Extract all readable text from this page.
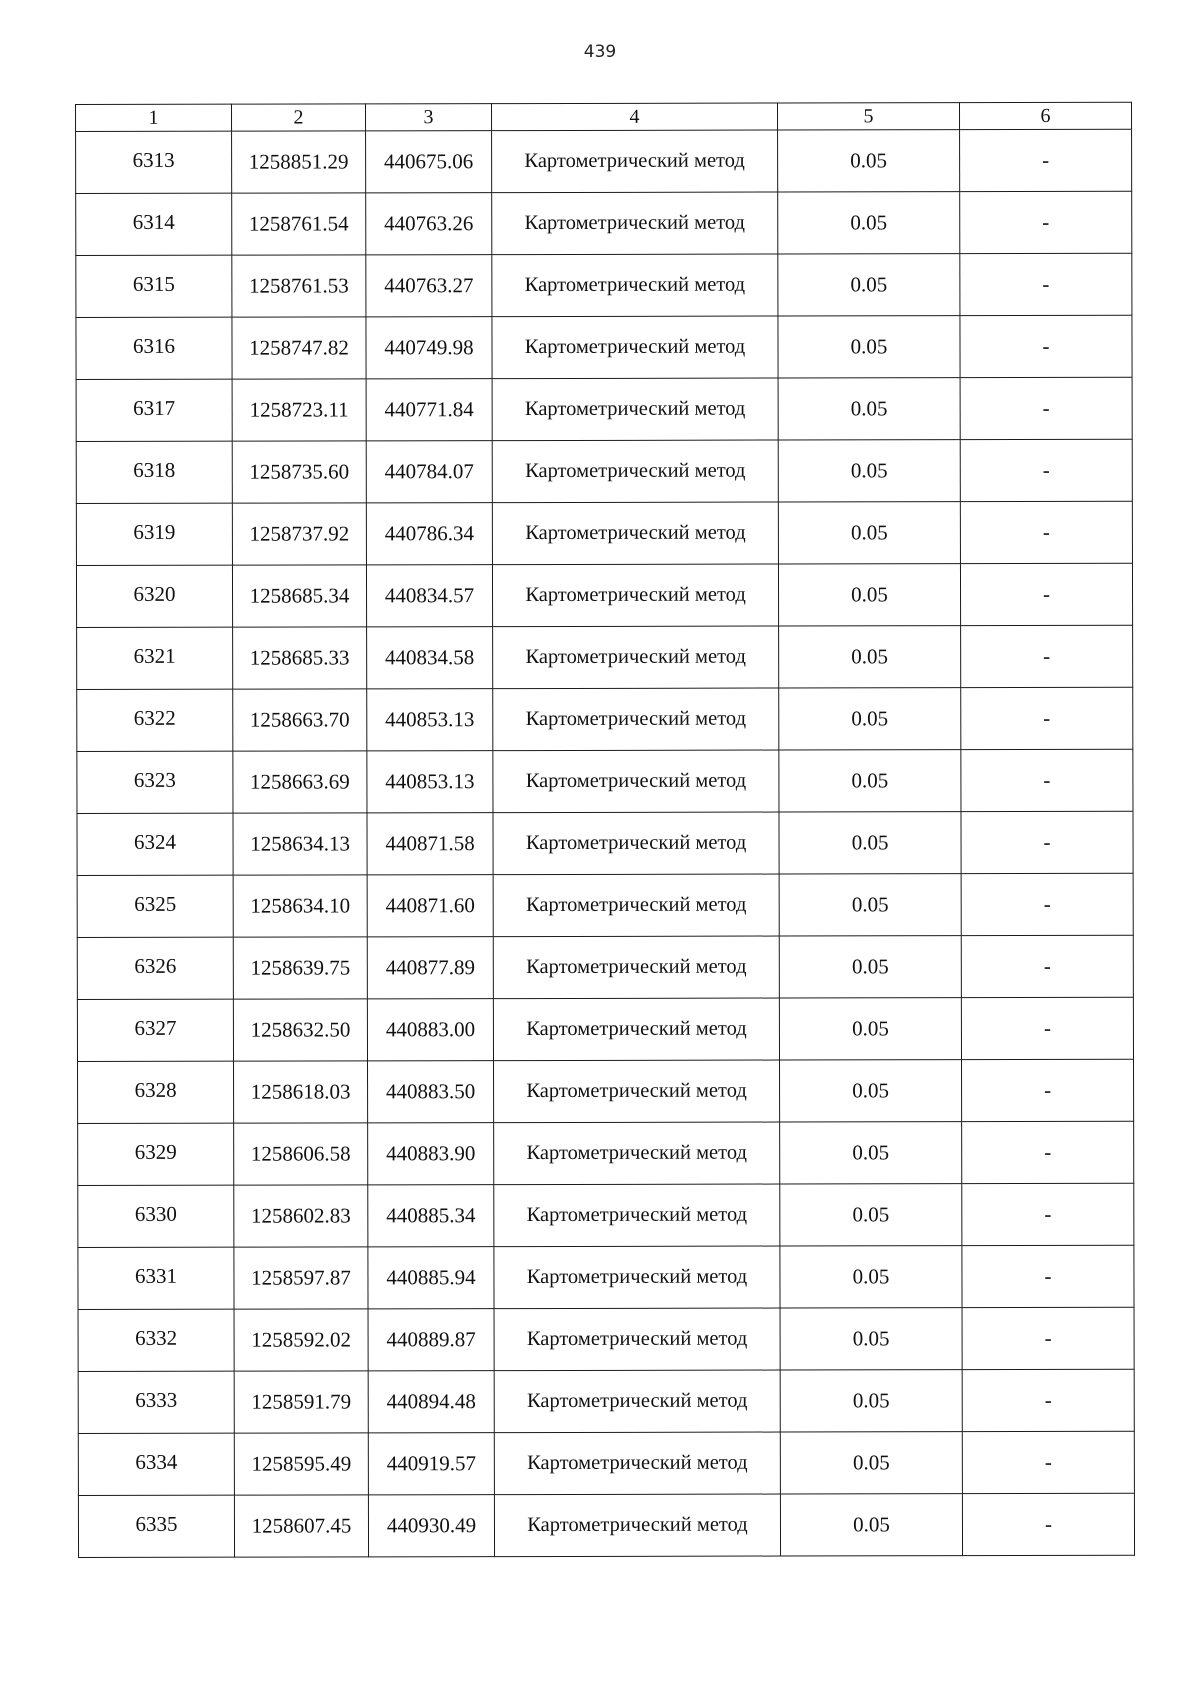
439
1	2	3	4	5	6
6313	1258851.29	440675.06	Картометрический метод	0.05	-
6314	1258761.54	440763.26	Картометрический метод	0.05	-
6315	1258761.53	440763.27	Картометрический метод	0.05	-
6316	1258747.82	440749.98	Картометрический метод	0.05	-
6317	1258723.11	440771.84	Картометрический метод	0.05	-
6318	1258735.60	440784.07	Картометрический метод	0.05	-
6319	1258737.92	440786.34	Картометрический метод	0.05	-
6320	1258685.34	440834.57	Картометрический метод	0.05	-
6321	1258685.33	440834.58	Картометрический метод	0.05	-
6322	1258663.70	440853.13	Картометрический метод	0.05	-
6323	1258663.69	440853.13	Картометрический метод	0.05	-
6324	1258634.13	440871.58	Картометрический метод	0.05	-
6325	1258634.10	440871.60	Картометрический метод	0.05	-
6326	1258639.75	440877.89	Картометрический метод	0.05	-
6327	1258632.50	440883.00	Картометрический метод	0.05	-
6328	1258618.03	440883.50	Картометрический метод	0.05	-
6329	1258606.58	440883.90	Картометрический метод	0.05	-
6330	1258602.83	440885.34	Картометрический метод	0.05	-
6331	1258597.87	440885.94	Картометрический метод	0.05	-
6332	1258592.02	440889.87	Картометрический метод	0.05	-
6333	1258591.79	440894.48	Картометрический метод	0.05	-
6334	1258595.49	440919.57	Картометрический метод	0.05	-
6335	1258607.45	440930.49	Картометрический метод	0.05	-
